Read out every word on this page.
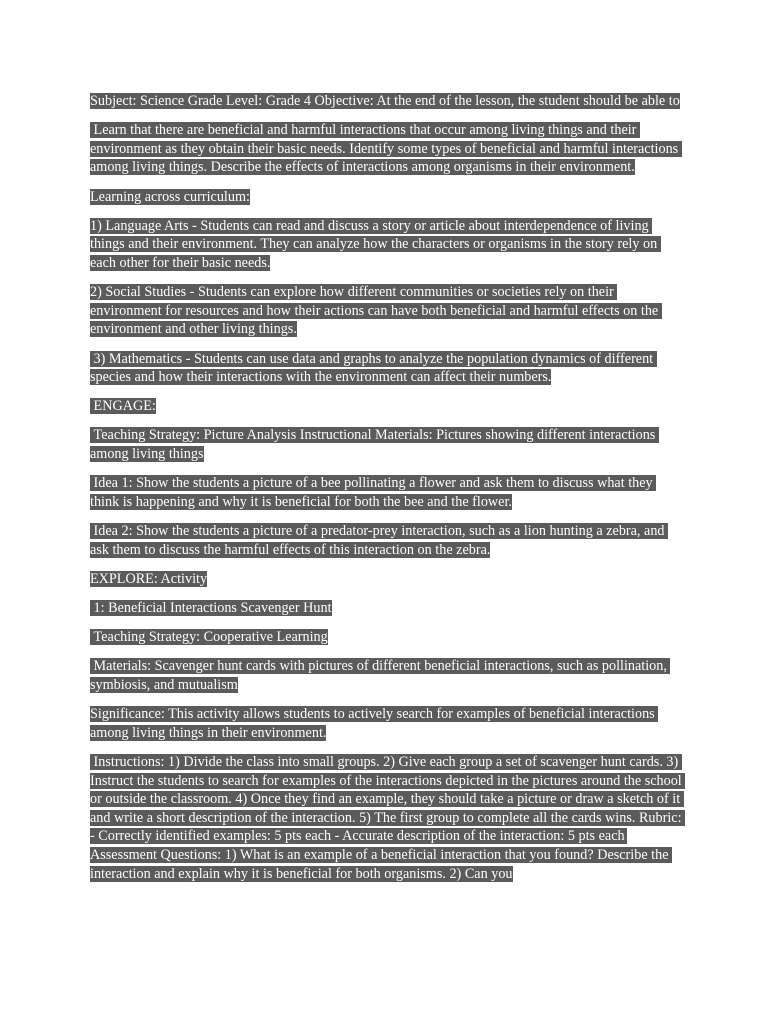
Subject: Science Grade Level: Grade 4 Objective: At the end of the lesson, the student should be able to

Learn that there are beneficial and harmful interactions that occur among living things and their environment as they obtain their basic needs. Identify some types of beneficial and harmful interactions among living things. Describe the effects of interactions among organisms in their environment.

Learning across curriculum:

1) Language Arts - Students can read and discuss a story or article about interdependence of living things and their environment. They can analyze how the characters or organisms in the story rely on each other for their basic needs.

2) Social Studies - Students can explore how different communities or societies rely on their environment for resources and how their actions can have both beneficial and harmful effects on the environment and other living things.

3) Mathematics - Students can use data and graphs to analyze the population dynamics of different species and how their interactions with the environment can affect their numbers.

ENGAGE:

Teaching Strategy: Picture Analysis Instructional Materials: Pictures showing different interactions among living things

Idea 1: Show the students a picture of a bee pollinating a flower and ask them to discuss what they think is happening and why it is beneficial for both the bee and the flower.

Idea 2: Show the students a picture of a predator-prey interaction, such as a lion hunting a zebra, and ask them to discuss the harmful effects of this interaction on the zebra.

EXPLORE: Activity

1: Beneficial Interactions Scavenger Hunt

Teaching Strategy: Cooperative Learning

Materials: Scavenger hunt cards with pictures of different beneficial interactions, such as pollination, symbiosis, and mutualism

Significance: This activity allows students to actively search for examples of beneficial interactions among living things in their environment.

Instructions: 1) Divide the class into small groups. 2) Give each group a set of scavenger hunt cards. 3) Instruct the students to search for examples of the interactions depicted in the pictures around the school or outside the classroom. 4) Once they find an example, they should take a picture or draw a sketch of it and write a short description of the interaction. 5) The first group to complete all the cards wins. Rubric: - Correctly identified examples: 5 pts each - Accurate description of the interaction: 5 pts each Assessment Questions: 1) What is an example of a beneficial interaction that you found? Describe the interaction and explain why it is beneficial for both organisms. 2) Can you
